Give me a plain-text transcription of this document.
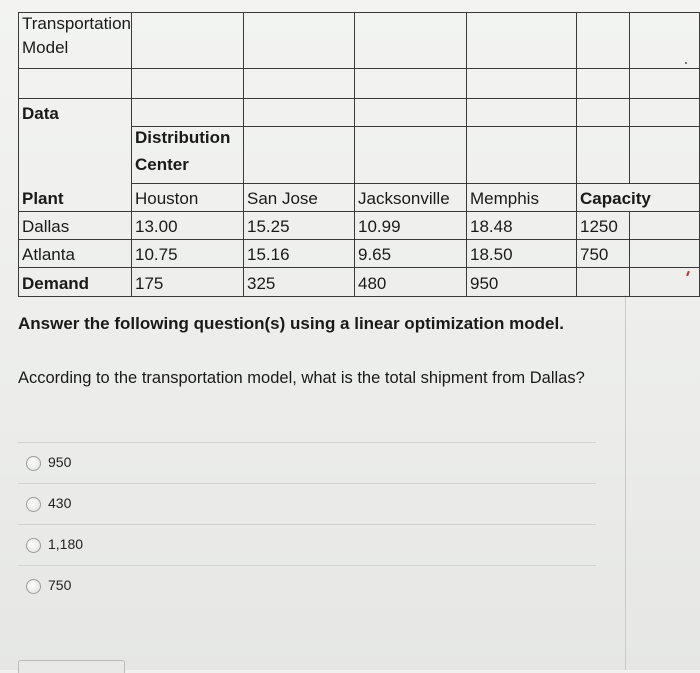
Transportation
Model
Data
Distribution
Center
Plant	Houston	San Jose	Jacksonville	Memphis	Capacity
Dallas	13.00	15.25	10.99	18.48	1250
Atlanta	10.75	15.16	9.65	18.50	750
Demand	175	325	480	950
Answer the following question(s) using a linear optimization model.
According to the transportation model, what is the total shipment from Dallas?
950
430
1,180
750
